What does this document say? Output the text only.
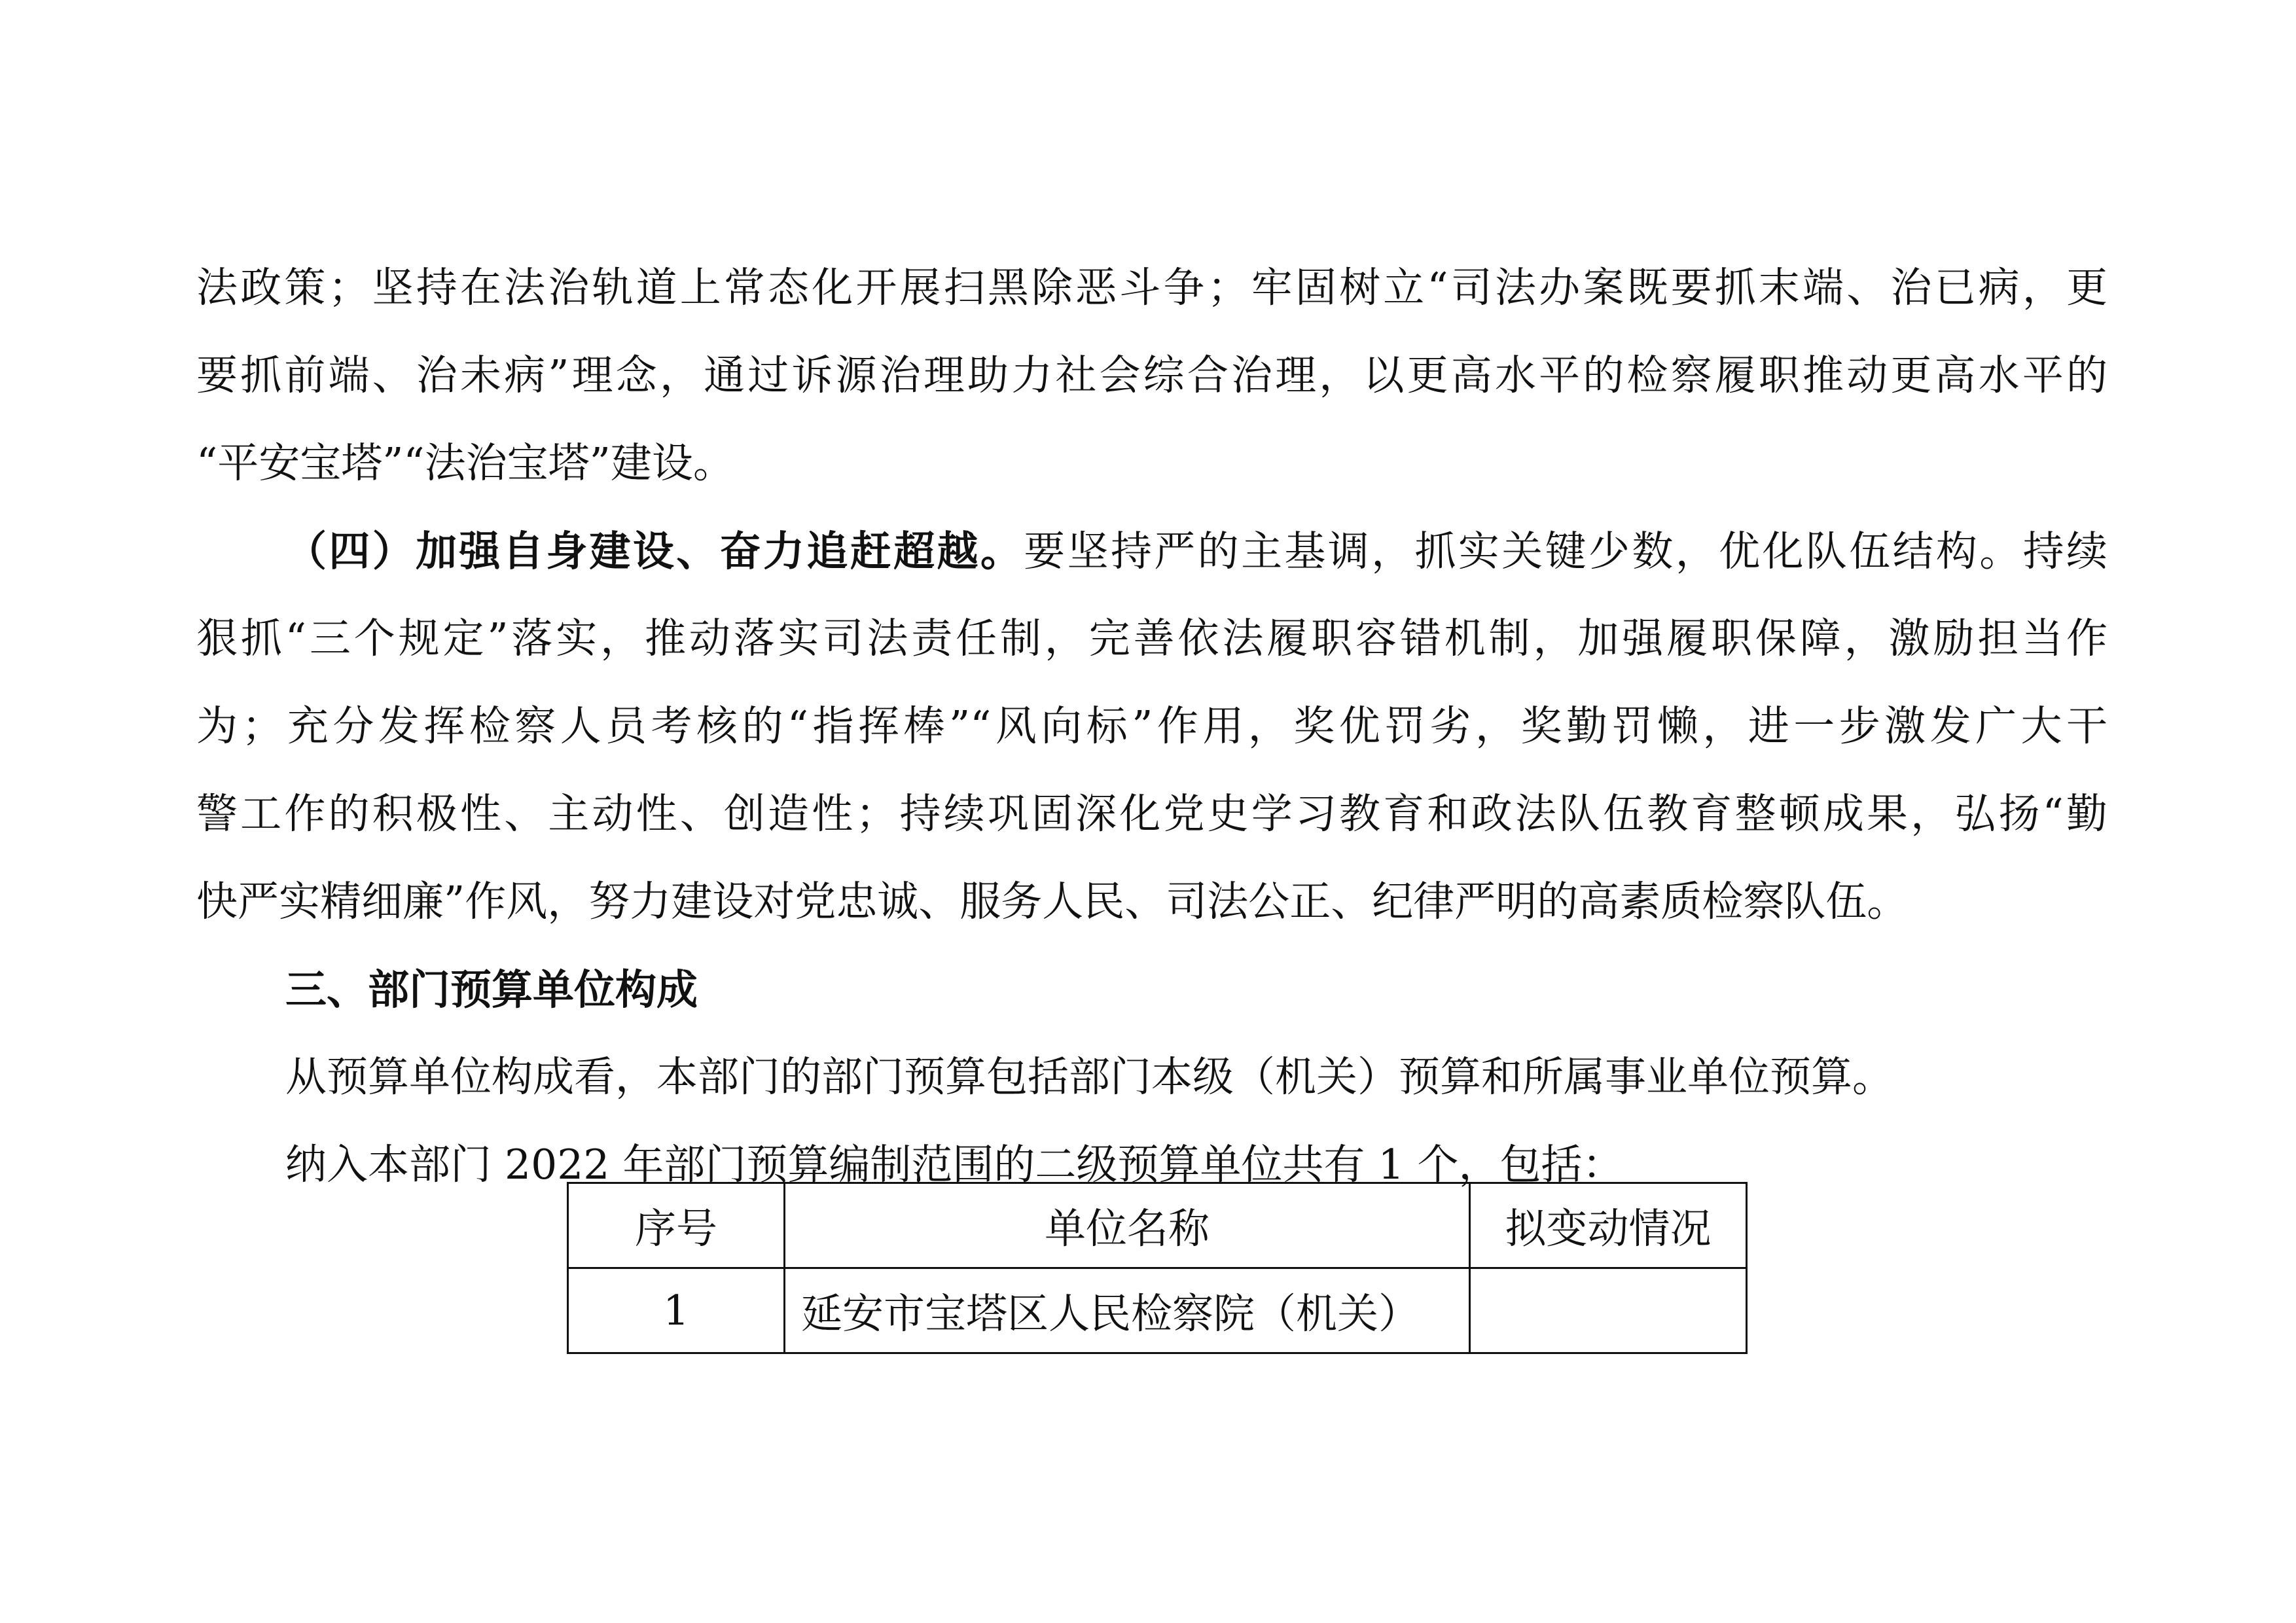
法政策；坚持在法治轨道上常态化开展扫黑除恶斗争；牢固树立“司法办案既要抓末端、治已病，更
要抓前端、治未病”理念，通过诉源治理助力社会综合治理，以更高水平的检察履职推动更高水平的
“平安宝塔”“法治宝塔”建设。
（四）加强自身建设、奋力追赶超越。要坚持严的主基调，抓实关键少数，优化队伍结构。持续
狠抓“三个规定”落实，推动落实司法责任制，完善依法履职容错机制，加强履职保障，激励担当作
为；充分发挥检察人员考核的“指挥棒”“风向标”作用，奖优罚劣，奖勤罚懒，进一步激发广大干
警工作的积极性、主动性、创造性；持续巩固深化党史学习教育和政法队伍教育整顿成果，弘扬“勤
快严实精细廉”作风，努力建设对党忠诚、服务人民、司法公正、纪律严明的高素质检察队伍。
三、部门预算单位构成
从预算单位构成看，本部门的部门预算包括部门本级（机关）预算和所属事业单位预算。
纳入本部门 2022 年部门预算编制范围的二级预算单位共有 1 个，包括：
序号	单位名称	拟变动情况
1	延安市宝塔区人民检察院（机关）	
